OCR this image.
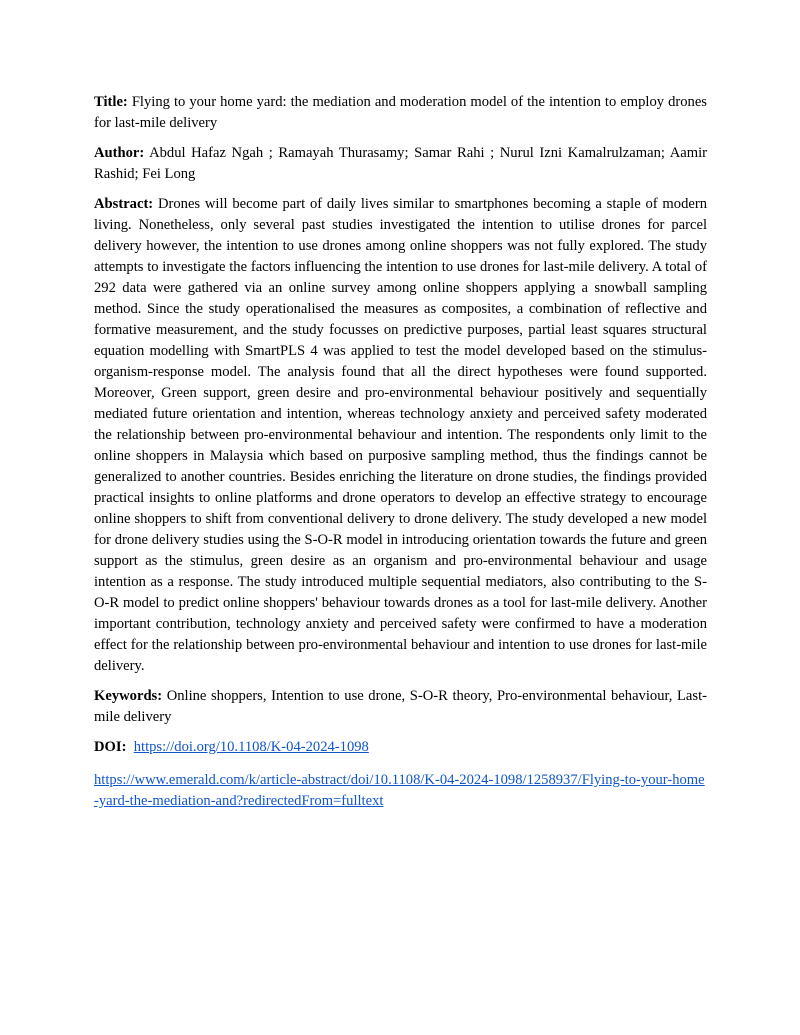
Title: Flying to your home yard: the mediation and moderation model of the intention to employ drones for last-mile delivery

Author: Abdul Hafaz Ngah ; Ramayah Thurasamy; Samar Rahi ; Nurul Izni Kamalrulzaman; Aamir Rashid; Fei Long

Abstract: Drones will become part of daily lives similar to smartphones becoming a staple of modern living. Nonetheless, only several past studies investigated the intention to utilise drones for parcel delivery however, the intention to use drones among online shoppers was not fully explored. The study attempts to investigate the factors influencing the intention to use drones for last-mile delivery. A total of 292 data were gathered via an online survey among online shoppers applying a snowball sampling method. Since the study operationalised the measures as composites, a combination of reflective and formative measurement, and the study focusses on predictive purposes, partial least squares structural equation modelling with SmartPLS 4 was applied to test the model developed based on the stimulus-organism-response model. The analysis found that all the direct hypotheses were found supported. Moreover, Green support, green desire and pro-environmental behaviour positively and sequentially mediated future orientation and intention, whereas technology anxiety and perceived safety moderated the relationship between pro-environmental behaviour and intention. The respondents only limit to the online shoppers in Malaysia which based on purposive sampling method, thus the findings cannot be generalized to another countries. Besides enriching the literature on drone studies, the findings provided practical insights to online platforms and drone operators to develop an effective strategy to encourage online shoppers to shift from conventional delivery to drone delivery. The study developed a new model for drone delivery studies using the S-O-R model in introducing orientation towards the future and green support as the stimulus, green desire as an organism and pro-environmental behaviour and usage intention as a response. The study introduced multiple sequential mediators, also contributing to the S-O-R model to predict online shoppers' behaviour towards drones as a tool for last-mile delivery. Another important contribution, technology anxiety and perceived safety were confirmed to have a moderation effect for the relationship between pro-environmental behaviour and intention to use drones for last-mile delivery.

Keywords: Online shoppers, Intention to use drone, S-O-R theory, Pro-environmental behaviour, Last-mile delivery

DOI: https://doi.org/10.1108/K-04-2024-1098

https://www.emerald.com/k/article-abstract/doi/10.1108/K-04-2024-1098/1258937/Flying-to-your-home-yard-the-mediation-and?redirectedFrom=fulltext
